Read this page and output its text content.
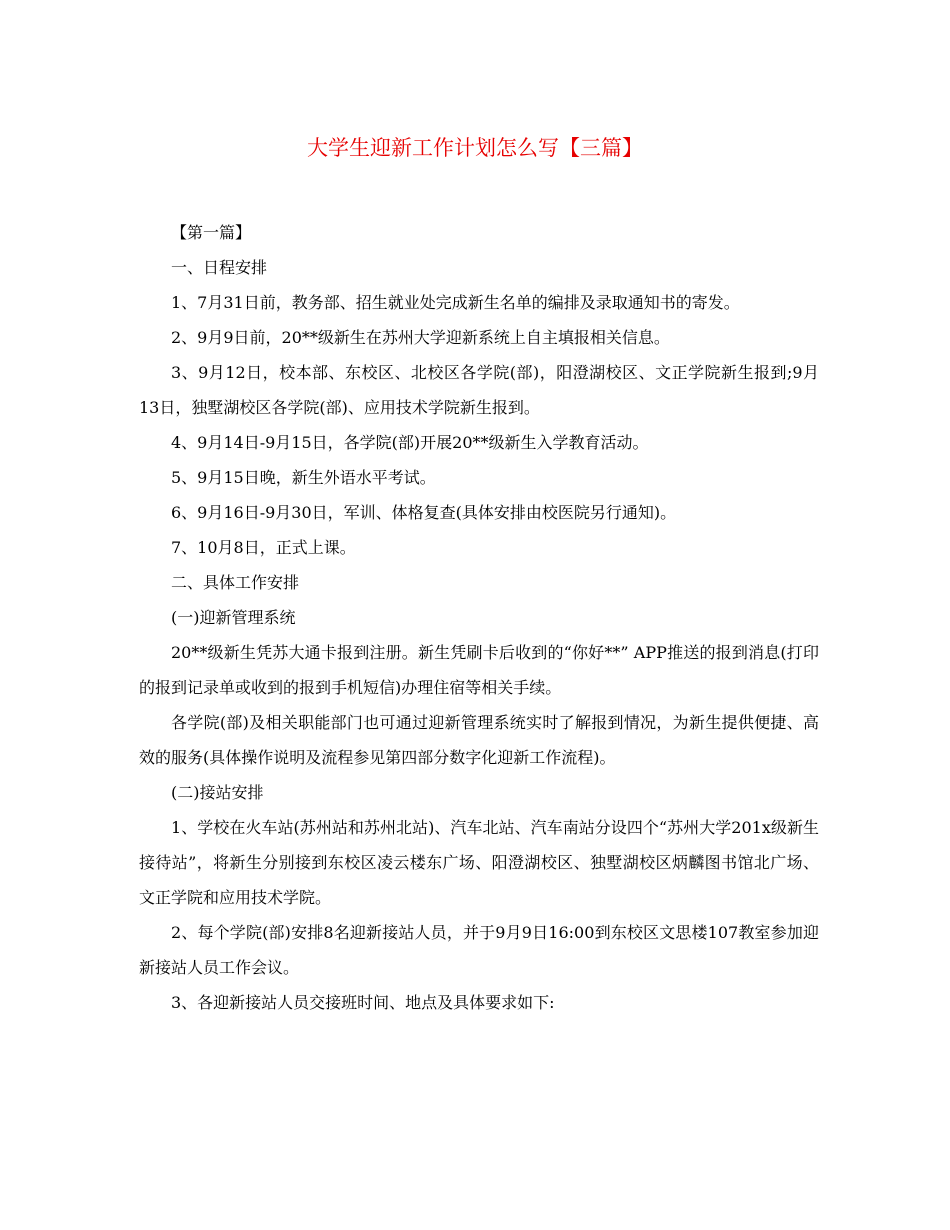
大学生迎新工作计划怎么写【三篇】

【第一篇】

一、日程安排

1、7月31日前，教务部、招生就业处完成新生名单的编排及录取通知书的寄发。

2、9月9日前，20**级新生在苏州大学迎新系统上自主填报相关信息。

3、9月12日，校本部、东校区、北校区各学院(部)，阳澄湖校区、文正学院新生报到;9月13日，独墅湖校区各学院(部)、应用技术学院新生报到。

4、9月14日-9月15日，各学院(部)开展20**级新生入学教育活动。

5、9月15日晚，新生外语水平考试。

6、9月16日-9月30日，军训、体格复查(具体安排由校医院另行通知)。

7、10月8日，正式上课。

二、具体工作安排

(一)迎新管理系统

20**级新生凭苏大通卡报到注册。新生凭刷卡后收到的“你好**” APP推送的报到消息(打印的报到记录单或收到的报到手机短信)办理住宿等相关手续。

各学院(部)及相关职能部门也可通过迎新管理系统实时了解报到情况，为新生提供便捷、高效的服务(具体操作说明及流程参见第四部分数字化迎新工作流程)。

(二)接站安排

1、学校在火车站(苏州站和苏州北站)、汽车北站、汽车南站分设四个“苏州大学201x级新生接待站”，将新生分别接到东校区凌云楼东广场、阳澄湖校区、独墅湖校区炳麟图书馆北广场、文正学院和应用技术学院。

2、每个学院(部)安排8名迎新接站人员，并于9月9日16:00到东校区文思楼107教室参加迎新接站人员工作会议。

3、各迎新接站人员交接班时间、地点及具体要求如下:
